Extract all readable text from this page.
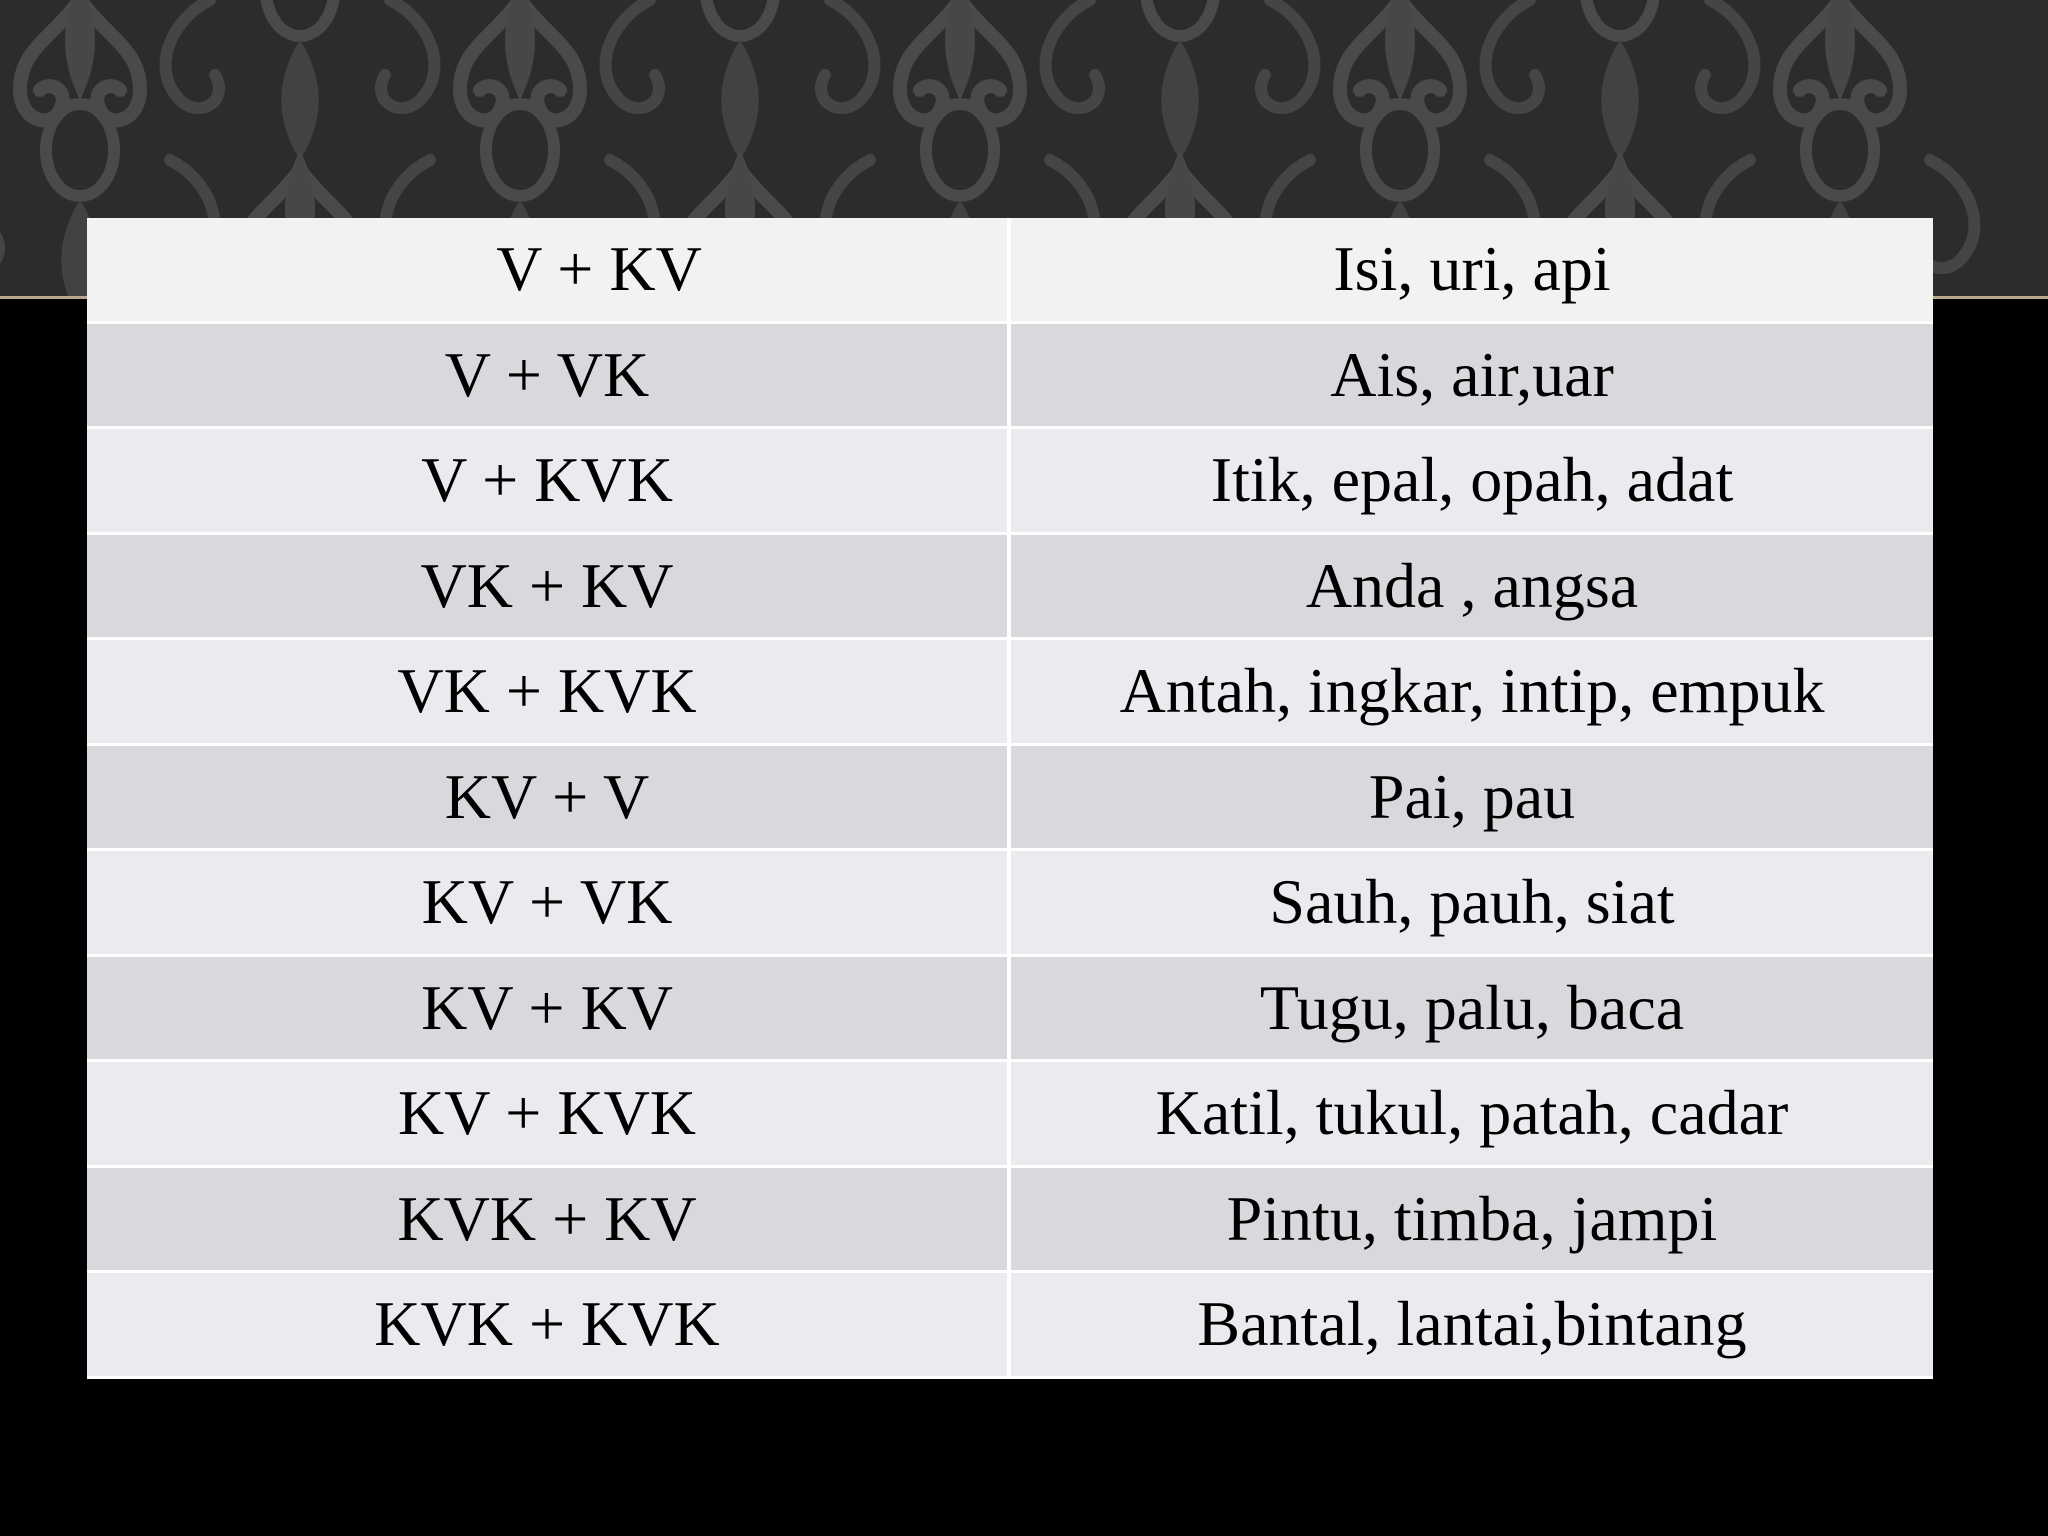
V + KV	Isi, uri, api
V + VK	Ais, air,uar
V + KVK	Itik, epal, opah, adat
VK + KV	Anda , angsa
VK + KVK	Antah, ingkar, intip, empuk
KV + V	Pai, pau
KV + VK	Sauh, pauh, siat
KV + KV	Tugu, palu, baca
KV + KVK	Katil, tukul, patah, cadar
KVK + KV	Pintu, timba, jampi
KVK + KVK	Bantal, lantai,bintang
